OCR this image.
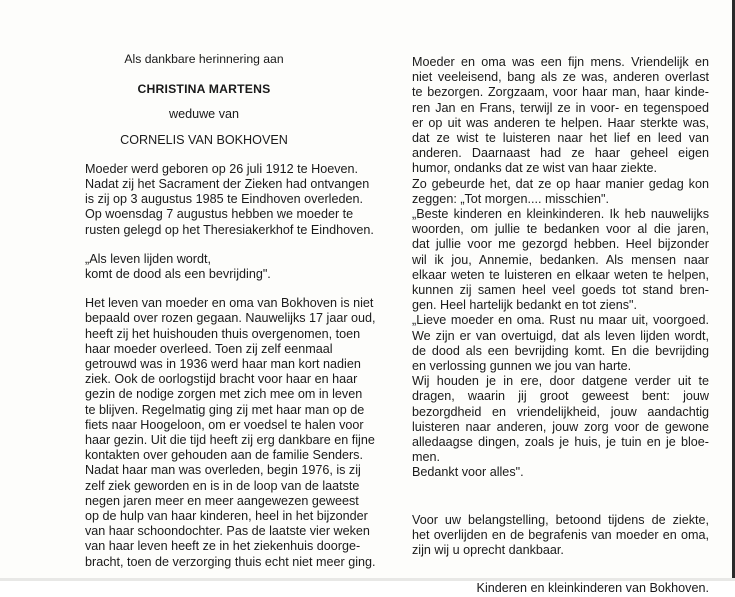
Als dankbare herinnering aan
CHRISTINA MARTENS
weduwe van
CORNELIS VAN BOKHOVEN
Moeder werd geboren op 26 juli 1912 te Hoeven.
Nadat zij het Sacrament der Zieken had ontvangen
is zij op 3 augustus 1985 te Eindhoven overleden.
Op woensdag 7 augustus hebben we moeder te
rusten gelegd op het Theresiakerkhof te Eindhoven.
„Als leven lijden wordt,
komt de dood als een bevrijding".
Het leven van moeder en oma van Bokhoven is niet
bepaald over rozen gegaan. Nauwelijks 17 jaar oud,
heeft zij het huishouden thuis overgenomen, toen
haar moeder overleed. Toen zij zelf eenmaal
getrouwd was in 1936 werd haar man kort nadien
ziek. Ook de oorlogstijd bracht voor haar en haar
gezin de nodige zorgen met zich mee om in leven
te blijven. Regelmatig ging zij met haar man op de
fiets naar Hoogeloon, om er voedsel te halen voor
haar gezin. Uit die tijd heeft zij erg dankbare en fijne
kontakten over gehouden aan de familie Senders.
Nadat haar man was overleden, begin 1976, is zij
zelf ziek geworden en is in de loop van de laatste
negen jaren meer en meer aangewezen geweest
op de hulp van haar kinderen, heel in het bijzonder
van haar schoondochter. Pas de laatste vier weken
van haar leven heeft ze in het ziekenhuis doorge-
bracht, toen de verzorging thuis echt niet meer ging.
Moeder en oma was een fijn mens. Vriendelijk en
niet veeleisend, bang als ze was, anderen overlast
te bezorgen. Zorgzaam, voor haar man, haar kinde-
ren Jan en Frans, terwijl ze in voor- en tegenspoed
er op uit was anderen te helpen. Haar sterkte was,
dat ze wist te luisteren naar het lief en leed van
anderen. Daarnaast had ze haar geheel eigen
humor, ondanks dat ze wist van haar ziekte.
Zo gebeurde het, dat ze op haar manier gedag kon
zeggen: „Tot morgen.... misschien".
„Beste kinderen en kleinkinderen. Ik heb nauwelijks
woorden, om jullie te bedanken voor al die jaren,
dat jullie voor me gezorgd hebben. Heel bijzonder
wil ik jou, Annemie, bedanken. Als mensen naar
elkaar weten te luisteren en elkaar weten te helpen,
kunnen zij samen heel veel goeds tot stand bren-
gen. Heel hartelijk bedankt en tot ziens".
„Lieve moeder en oma. Rust nu maar uit, voorgoed.
We zijn er van overtuigd, dat als leven lijden wordt,
de dood als een bevrijding komt. En die bevrijding
en verlossing gunnen we jou van harte.
Wij houden je in ere, door datgene verder uit te
dragen, waarin jij groot geweest bent: jouw
bezorgdheid en vriendelijkheid, jouw aandachtig
luisteren naar anderen, jouw zorg voor de gewone
alledaagse dingen, zoals je huis, je tuin en je bloe-
men.
Bedankt voor alles".
Voor uw belangstelling, betoond tijdens de ziekte,
het overlijden en de begrafenis van moeder en oma,
zijn wij u oprecht dankbaar.
Kinderen en kleinkinderen van Bokhoven.
